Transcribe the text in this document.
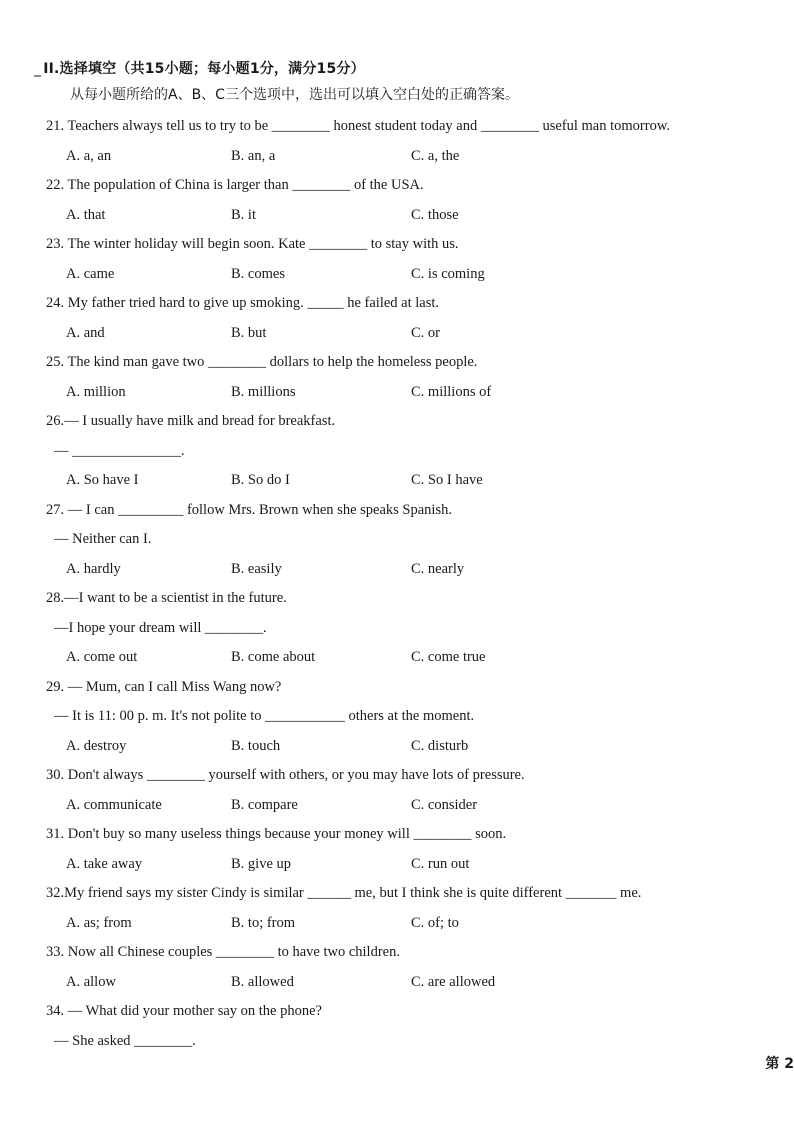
_ II.选择填空（共15小题；每小题1分，满分15分）
从每小题所给的A、B、C三个选项中，选出可以填入空白处的正确答案。
21. Teachers always tell us to try to be ________ honest student today and ________ useful man tomorrow.
A. a, an	B. an, a	C. a, the
22. The population of China is larger than ________ of the USA.
A. that	B. it	C. those
23. The winter holiday will begin soon. Kate ________ to stay with us.
A. came	B. comes	C. is coming
24. My father tried hard to give up smoking. _____ he failed at last.
A. and	B. but	C. or
25. The kind man gave two ________ dollars to help the homeless people.
A. million	B. millions	C. millions of
26.— I usually have milk and bread for breakfast.
— _______________.
A. So have I	B. So do I	C. So I have
27. — I can _________ follow Mrs. Brown when she speaks Spanish.
— Neither can I.
A. hardly	B. easily	C. nearly
28.—I want to be a scientist in the future.
—I hope your dream will ________.
A. come out	B. come about	C. come true
29. — Mum, can I call Miss Wang now?
— It is 11: 00 p. m. It's not polite to ___________ others at the moment.
A. destroy	B. touch	C. disturb
30. Don't always ________ yourself with others, or you may have lots of pressure.
A. communicate	B. compare	C. consider
31. Don't buy so many useless things because your money will ________ soon.
A. take away	B. give up	C. run out
32.My friend says my sister Cindy is similar ______ me, but I think she is quite different _______ me.
A. as; from	B. to; from	C. of; to
33. Now all Chinese couples ________ to have two children.
A. allow	B. allowed	C. are allowed
34. — What did your mother say on the phone?
— She asked ________.
第 2
